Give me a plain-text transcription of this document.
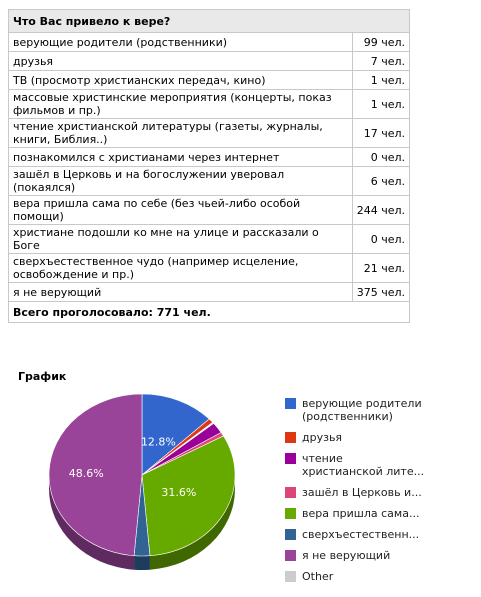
Что Вас привело к вере?	
верующие родители (родственники)	99 чел.
друзья	7 чел.
ТВ (просмотр христианских передач, кино)	1 чел.
массовые христинские мероприятия (концерты, показ фильмов и пр.)	1 чел.
чтение христианской литературы (газеты, журналы, книги, Библия..)	17 чел.
познакомился с христианами через интернет	0 чел.
зашёл в Церковь и на богослужении уверовал (покаялся)	6 чел.
вера пришла сама по себе (без чьей-либо особой помощи)	244 чел.
христиане подошли ко мне на улице и рассказали о Боге	0 чел.
сверхъестественное чудо (например исцеление, освобождение и пр.)	21 чел.
я не верующий	375 чел.
Всего проголосовало: 771 чел.	
График
12.8%
31.6%
48.6%
верующие родители
(родственники)
друзья
чтение
христианской лите...
зашёл в Церковь и...
вера пришла сама...
сверхъестественн...
я не верующий
Other
